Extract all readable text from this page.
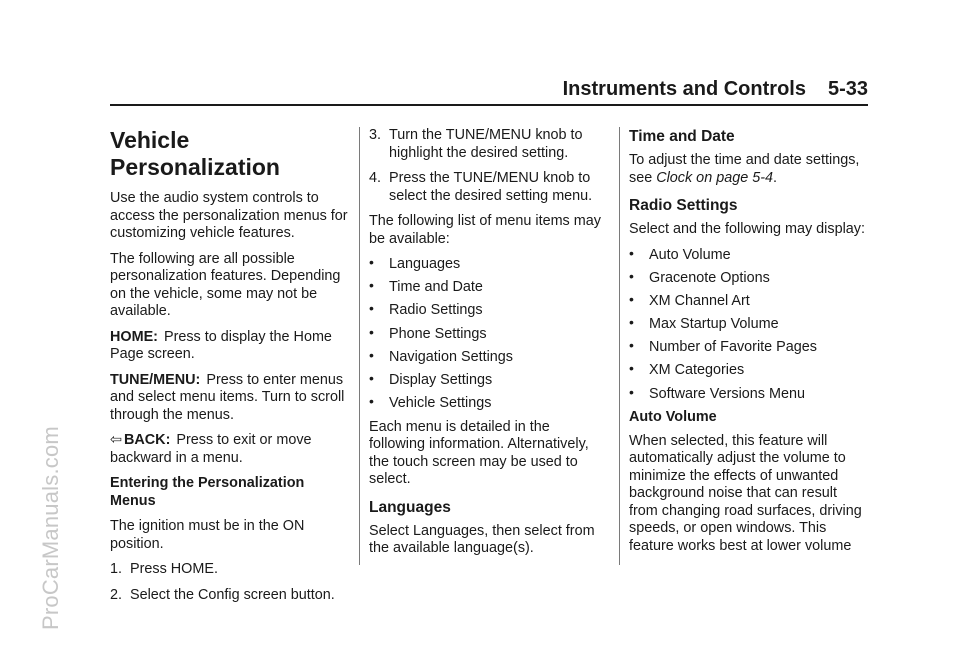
ProCarManuals.com
Instruments and Controls 5-33
Vehicle Personalization

Use the audio system controls to access the personalization menus for customizing vehicle features.

The following are all possible personalization features. Depending on the vehicle, some may not be available.

HOME: Press to display the Home Page screen.

TUNE/MENU: Press to enter menus and select menu items. Turn to scroll through the menus.

⇦ BACK: Press to exit or move backward in a menu.

Entering the Personalization Menus

The ignition must be in the ON position.

1. Press HOME.
2. Select the Config screen button.
3. Turn the TUNE/MENU knob to highlight the desired setting.
4. Press the TUNE/MENU knob to select the desired setting menu.

The following list of menu items may be available:

•	Languages
•	Time and Date
•	Radio Settings
•	Phone Settings
•	Navigation Settings
•	Display Settings
•	Vehicle Settings

Each menu is detailed in the following information. Alternatively, the touch screen may be used to select.

Languages

Select Languages, then select from the available language(s).

Time and Date

To adjust the time and date settings, see Clock on page 5-4.

Radio Settings

Select and the following may display:

•	Auto Volume
•	Gracenote Options
•	XM Channel Art
•	Max Startup Volume
•	Number of Favorite Pages
•	XM Categories
•	Software Versions Menu

Auto Volume

When selected, this feature will automatically adjust the volume to minimize the effects of unwanted background noise that can result from changing road surfaces, driving speeds, or open windows. This feature works best at lower volume
